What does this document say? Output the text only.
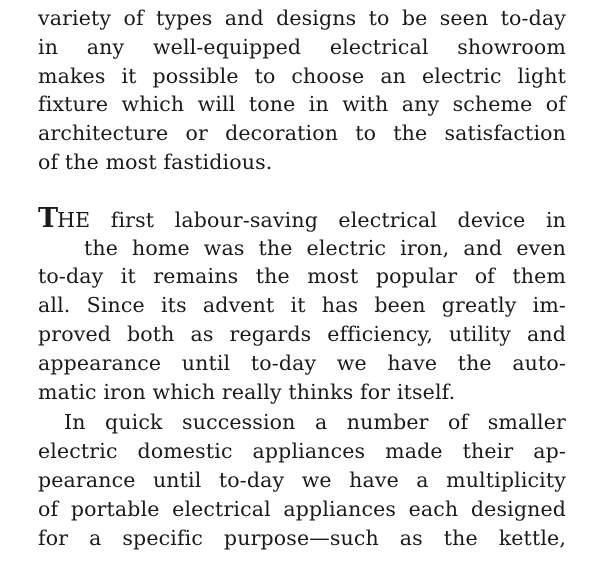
variety of types and designs to be seen to-day
in any well-equipped electrical showroom
makes it possible to choose an electric light
fixture which will tone in with any scheme of
architecture or decoration to the satisfaction
of the most fastidious.
THE first labour-saving electrical device in
the home was the electric iron, and even
to-day it remains the most popular of them
all. Since its advent it has been greatly im-
proved both as regards efficiency, utility and
appearance until to-day we have the auto-
matic iron which really thinks for itself.
In quick succession a number of smaller
electric domestic appliances made their ap-
pearance until to-day we have a multiplicity
of portable electrical appliances each designed
for a specific purpose—such as the kettle,
